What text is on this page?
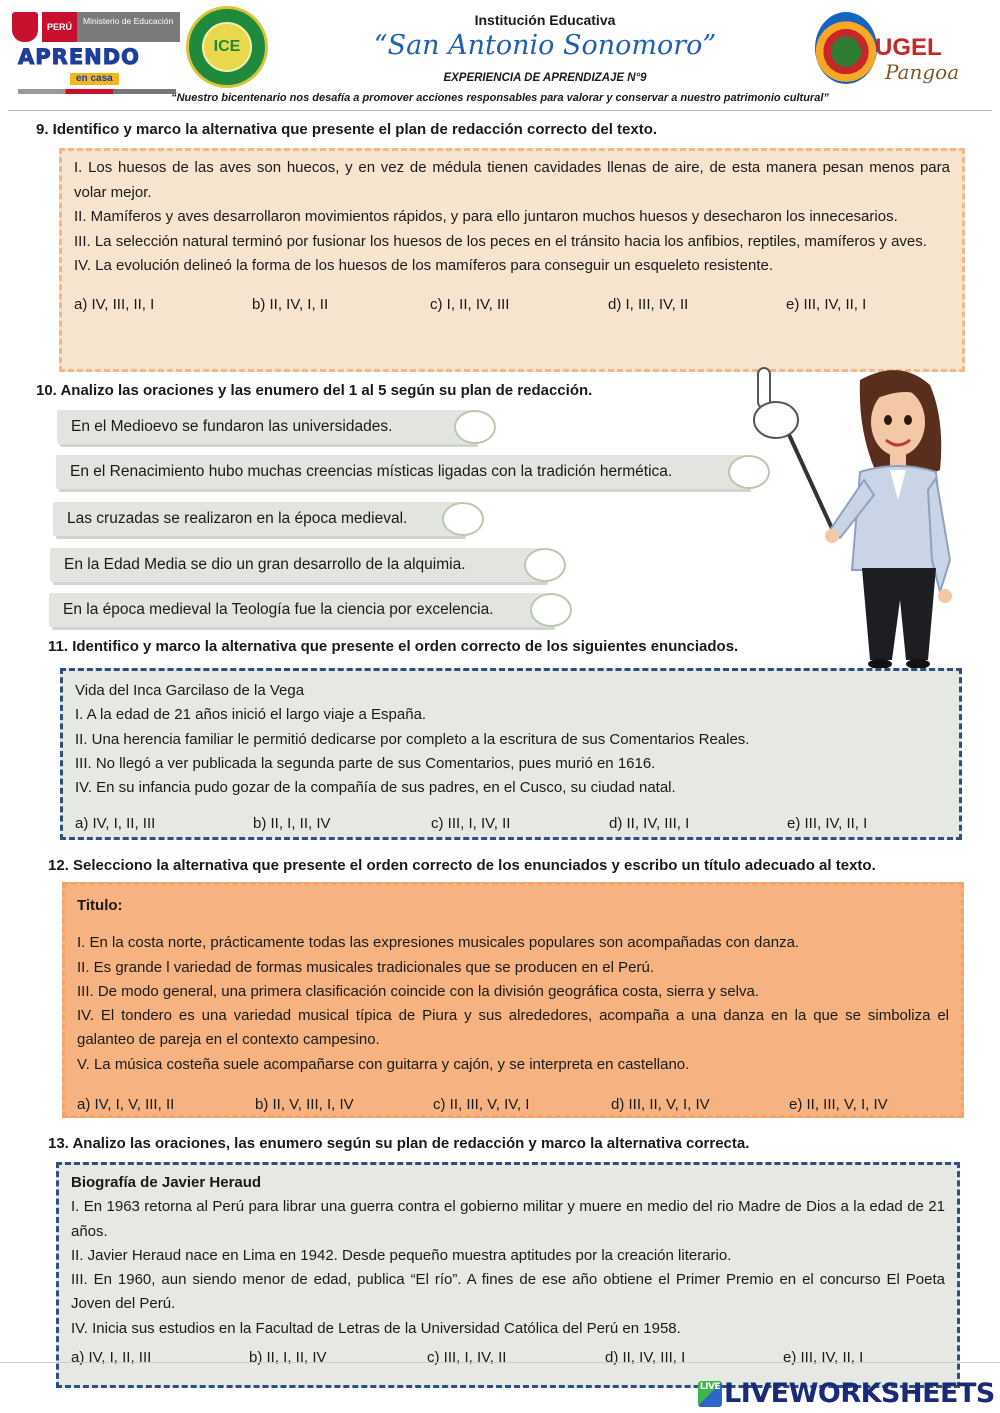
PERÚ
Ministerio de Educación
APRENDO
en casa
ICE
Institución Educativa
“San Antonio Sonomoro”
EXPERIENCIA DE APRENDIZAJE N°9
“Nuestro bicentenario nos desafía a promover acciones responsables para valorar y conservar a nuestro patrimonio cultural”
UGEL
Pangoa
9. Identifico y marco la alternativa que presente el plan de redacción correcto del texto.

I. Los huesos de las aves son huecos, y en vez de médula tienen cavidades llenas de aire, de esta manera pesan menos para volar mejor.

II. Mamíferos y aves desarrollaron movimientos rápidos, y para ello juntaron muchos huesos y desecharon los innecesarios.

III. La selección natural terminó por fusionar los huesos de los peces en el tránsito hacia los anfibios, reptiles, mamíferos y aves.

IV. La evolución delineó la forma de los huesos de los mamíferos para conseguir un esqueleto resistente.

a) IV, III, II, I	b) II, IV, I, II	c) I, II, IV, III	d) I, III, IV, II	e) III, IV, II, I
10. Analizo las oraciones y las enumero del 1 al 5 según su plan de redacción.
En el Medioevo se fundaron las universidades.
En el Renacimiento hubo muchas creencias místicas ligadas con la tradición hermética.
Las cruzadas se realizaron en la época medieval.
En la Edad Media se dio un gran desarrollo de la alquimia.
En la época medieval la Teología fue la ciencia por excelencia.
11. Identifico y marco la alternativa que presente el orden correcto de los siguientes enunciados.

Vida del Inca Garcilaso de la Vega

I. A la edad de 21 años inició el largo viaje a España.

II. Una herencia familiar le permitió dedicarse por completo a la escritura de sus Comentarios Reales.

III. No llegó a ver publicada la segunda parte de sus Comentarios, pues murió en 1616.

IV. En su infancia pudo gozar de la compañía de sus padres, en el Cusco, su ciudad natal.

a) IV, I, II, III	b) II, I, II, IV	c) III, I, IV, II	d) II, IV, III, I	e) III, IV, II, I
12. Selecciono la alternativa que presente el orden correcto de los enunciados y escribo un título adecuado al texto.

Titulo:

I. En la costa norte, prácticamente todas las expresiones musicales populares son acompañadas con danza.

II. Es grande l variedad de formas musicales tradicionales que se producen en el Perú.

III. De modo general, una primera clasificación coincide con la división geográfica costa, sierra y selva.

IV. El tondero es una variedad musical típica de Piura y sus alrededores, acompaña a una danza en la que se simboliza el galanteo de pareja en el contexto campesino.

V. La música costeña suele acompañarse con guitarra y cajón, y se interpreta en castellano.

a) IV, I, V, III, II	b) II, V, III, I, IV	c) II, III, V, IV, I	d) III, II, V, I, IV	e) II, III, V, I, IV
13. Analizo las oraciones, las enumero según su plan de redacción y marco la alternativa correcta.

Biografía de Javier Heraud

I. En 1963 retorna al Perú para librar una guerra contra el gobierno militar y muere en medio del rio Madre de Dios a la edad de 21 años.

II. Javier Heraud nace en Lima en 1942. Desde pequeño muestra aptitudes por la creación literario.

III. En 1960, aun siendo menor de edad, publica “El río”. A fines de ese año obtiene el Primer Premio en el concurso El Poeta Joven del Perú.

IV. Inicia sus estudios en la Facultad de Letras de la Universidad Católica del Perú en 1958.

a) IV, I, II, III	b) II, I, II, IV	c) III, I, IV, II	d) II, IV, III, I	e) III, IV, II, I
LIVE LIVEWORKSHEETS
